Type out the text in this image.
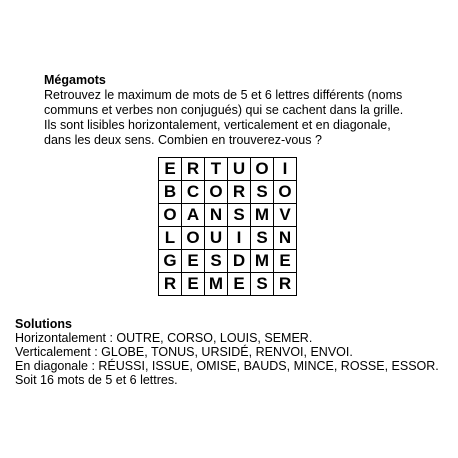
Mégamots
Retrouvez le maximum de mots de 5 et 6 lettres différents (noms
communs et verbes non conjugués) qui se cachent dans la grille.
Ils sont lisibles horizontalement, verticalement et en diagonale,
dans les deux sens. Combien en trouverez-vous ?
E R T U O I
B C O R S O
O A N S M V
L O U I S N
G E S D M E
R E M E S R
Solutions
Horizontalement : OUTRE, CORSO, LOUIS, SEMER.
Verticalement : GLOBE, TONUS, URSIDÉ, RENVOI, ENVOI.
En diagonale : RÉUSSI, ISSUE, OMISE, BAUDS, MINCE, ROSSE, ESSOR.
Soit 16 mots de 5 et 6 lettres.
